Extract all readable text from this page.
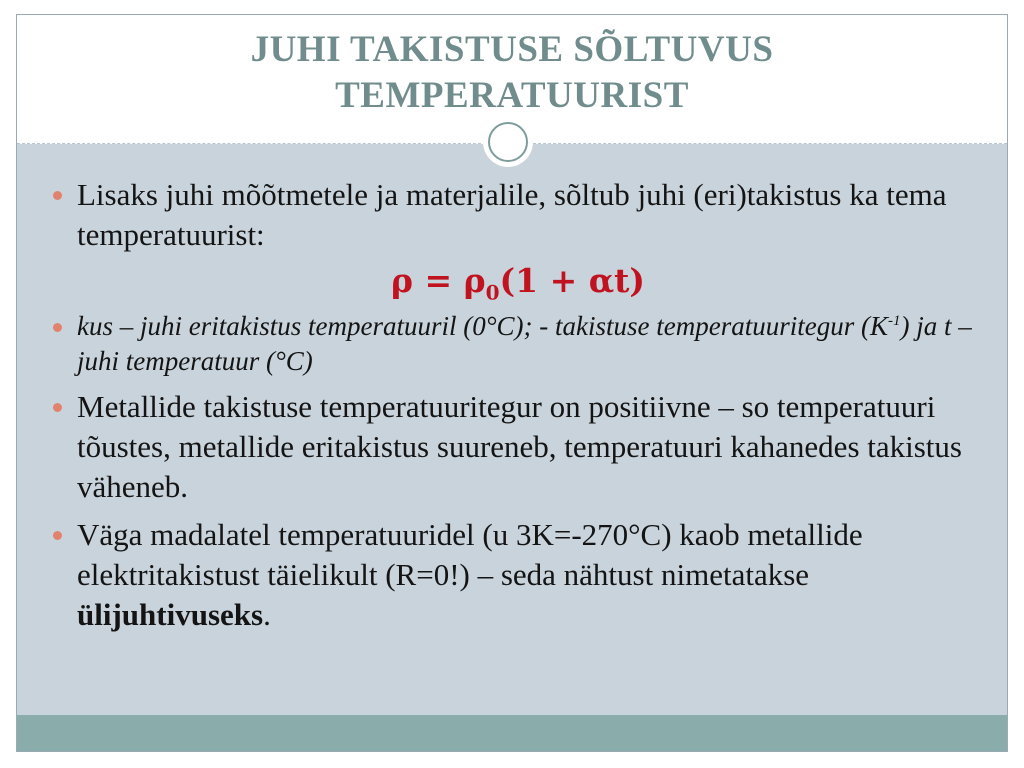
JUHI TAKISTUSE SÕLTUVUS
TEMPERATUURIST

Lisaks juhi mõõtmetele ja materjalile, sõltub juhi (eri)takistus ka tema temperatuurist:

$\rho = \rho_0(1 + \alpha t)$

kus – juhi eritakistus temperatuuril (0°C); - takistuse temperatuuritegur $(K^{-1})$ ja t – juhi temperatuur (°C)

Metallide takistuse temperatuuritegur on positiivne – so temperatuuri tõustes, metallide eritakistus suureneb, temperatuuri kahanedes takistus väheneb.

Väga madalatel temperatuuridel (u 3K=-270°C) kaob metallide elektritakistust täielikult (R=0!) – seda nähtust nimetatakse ülijuhtivuseks.
